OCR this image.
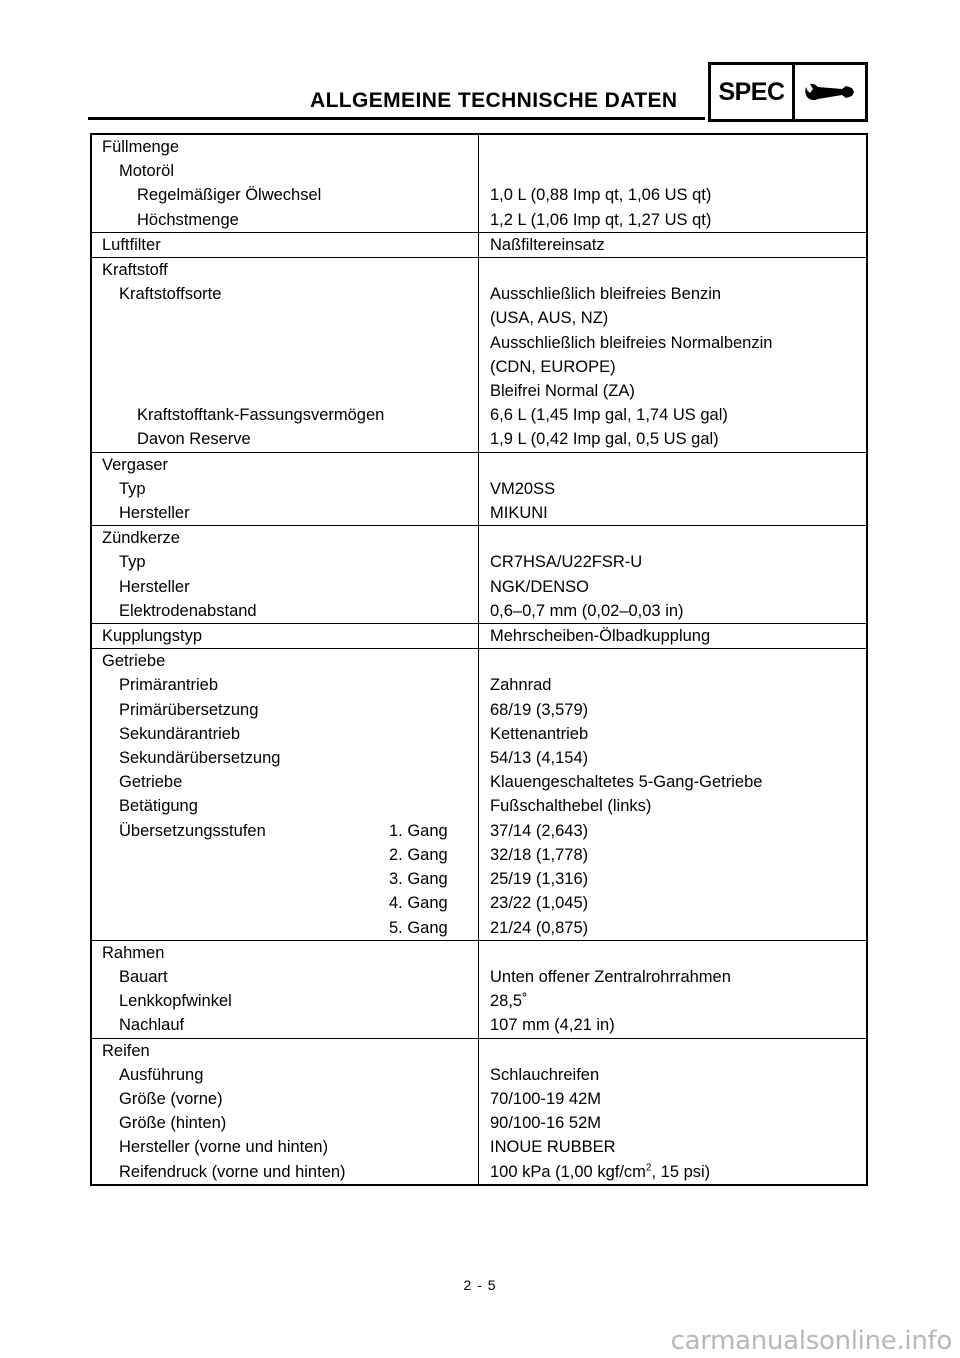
ALLGEMEINE TECHNISCHE DATEN SPEC
Füllmenge
Motoröl
Regelmäßiger Ölwechsel	1,0 L (0,88 Imp qt, 1,06 US qt)
Höchstmenge	1,2 L (1,06 Imp qt, 1,27 US qt)
Luftfilter	Naßfiltereinsatz
Kraftstoff
Kraftstoffsorte	Ausschließlich bleifreies Benzin
(USA, AUS, NZ)
Ausschließlich bleifreies Normalbenzin
(CDN, EUROPE)
Bleifrei Normal (ZA)
Kraftstofftank-Fassungsvermögen	6,6 L (1,45 Imp gal, 1,74 US gal)
Davon Reserve	1,9 L (0,42 Imp gal, 0,5 US gal)
Vergaser
Typ	VM20SS
Hersteller	MIKUNI
Zündkerze
Typ	CR7HSA/U22FSR-U
Hersteller	NGK/DENSO
Elektrodenabstand	0,6–0,7 mm (0,02–0,03 in)
Kupplungstyp	Mehrscheiben-Ölbadkupplung
Getriebe
Primärantrieb	Zahnrad
Primärübersetzung	68/19 (3,579)
Sekundärantrieb	Kettenantrieb
Sekundärübersetzung	54/13 (4,154)
Getriebe	Klauengeschaltetes 5-Gang-Getriebe
Betätigung	Fußschalthebel (links)
Übersetzungsstufen	1. Gang	37/14 (2,643)
2. Gang	32/18 (1,778)
3. Gang	25/19 (1,316)
4. Gang	23/22 (1,045)
5. Gang	21/24 (0,875)
Rahmen
Bauart	Unten offener Zentralrohrrahmen
Lenkkopfwinkel	28,5˚
Nachlauf	107 mm (4,21 in)
Reifen
Ausführung	Schlauchreifen
Größe (vorne)	70/100-19 42M
Größe (hinten)	90/100-16 52M
Hersteller (vorne und hinten)	INOUE RUBBER
Reifendruck (vorne und hinten)	100 kPa (1,00 kgf/$cm^2$, 15 psi)
2 - 5
carmanualsonline.info
